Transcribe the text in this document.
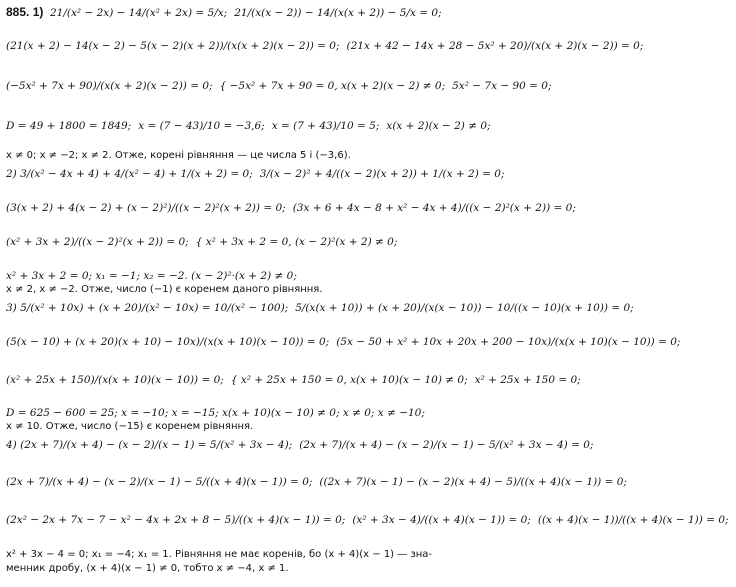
885. 1) 21/(x² − 2x) − 14/(x² + 2x) = 5/x; 21/(x(x − 2)) − 14/(x(x + 2)) − 5/x = 0;
(21(x + 2) − 14(x − 2) − 5(x − 2)(x + 2))/(x(x + 2)(x − 2)) = 0; (21x + 42 − 14x + 28 − 5x² + 20)/(x(x + 2)(x − 2)) = 0;
(−5x² + 7x + 90)/(x(x + 2)(x − 2)) = 0; { −5x² + 7x + 90 = 0, x(x + 2)(x − 2) ≠ 0; 5x² − 7x − 90 = 0;
D = 49 + 1800 = 1849; x = (7 − 43)/10 = −3,6; x = (7 + 43)/10 = 5; x(x + 2)(x − 2) ≠ 0;
x ≠ 0; x ≠ −2; x ≠ 2. Отже, корені рівняння — це числа 5 і (−3,6).
2) 3/(x² − 4x + 4) + 4/(x² − 4) + 1/(x + 2) = 0; 3/(x − 2)² + 4/((x − 2)(x + 2)) + 1/(x + 2) = 0;
(3(x + 2) + 4(x − 2) + (x − 2)²)/((x − 2)²(x + 2)) = 0; (3x + 6 + 4x − 8 + x² − 4x + 4)/((x − 2)²(x + 2)) = 0;
(x² + 3x + 2)/((x − 2)²(x + 2)) = 0; { x² + 3x + 2 = 0, (x − 2)²(x + 2) ≠ 0;
x² + 3x + 2 = 0; x₁ = −1; x₂ = −2. (x − 2)²·(x + 2) ≠ 0;
x ≠ 2, x ≠ −2. Отже, число (−1) є коренем даного рівняння.
3) 5/(x² + 10x) + (x + 20)/(x² − 10x) = 10/(x² − 100); 5/(x(x + 10)) + (x + 20)/(x(x − 10)) − 10/((x − 10)(x + 10)) = 0;
(5(x − 10) + (x + 20)(x + 10) − 10x)/(x(x + 10)(x − 10)) = 0; (5x − 50 + x² + 10x + 20x + 200 − 10x)/(x(x + 10)(x − 10)) = 0;
(x² + 25x + 150)/(x(x + 10)(x − 10)) = 0; { x² + 25x + 150 = 0, x(x + 10)(x − 10) ≠ 0; x² + 25x + 150 = 0;
D = 625 − 600 = 25; x = −10; x = −15; x(x + 10)(x − 10) ≠ 0; x ≠ 0; x ≠ −10;
x ≠ 10. Отже, число (−15) є коренем рівняння.
4) (2x + 7)/(x + 4) − (x − 2)/(x − 1) = 5/(x² + 3x − 4); (2x + 7)/(x + 4) − (x − 2)/(x − 1) − 5/(x² + 3x − 4) = 0;
(2x + 7)/(x + 4) − (x − 2)/(x − 1) − 5/((x + 4)(x − 1)) = 0; ((2x + 7)(x − 1) − (x − 2)(x + 4) − 5)/((x + 4)(x − 1)) = 0;
(2x² − 2x + 7x − 7 − x² − 4x + 2x + 8 − 5)/((x + 4)(x − 1)) = 0; (x² + 3x − 4)/((x + 4)(x − 1)) = 0; ((x + 4)(x − 1))/((x + 4)(x − 1)) = 0;
x² + 3x − 4 = 0; x₁ = −4; x₁ = 1. Рівняння не має коренів, бо (x + 4)(x − 1) — зна-
менник дробу, (x + 4)(x − 1) ≠ 0, тобто x ≠ −4, x ≠ 1.
